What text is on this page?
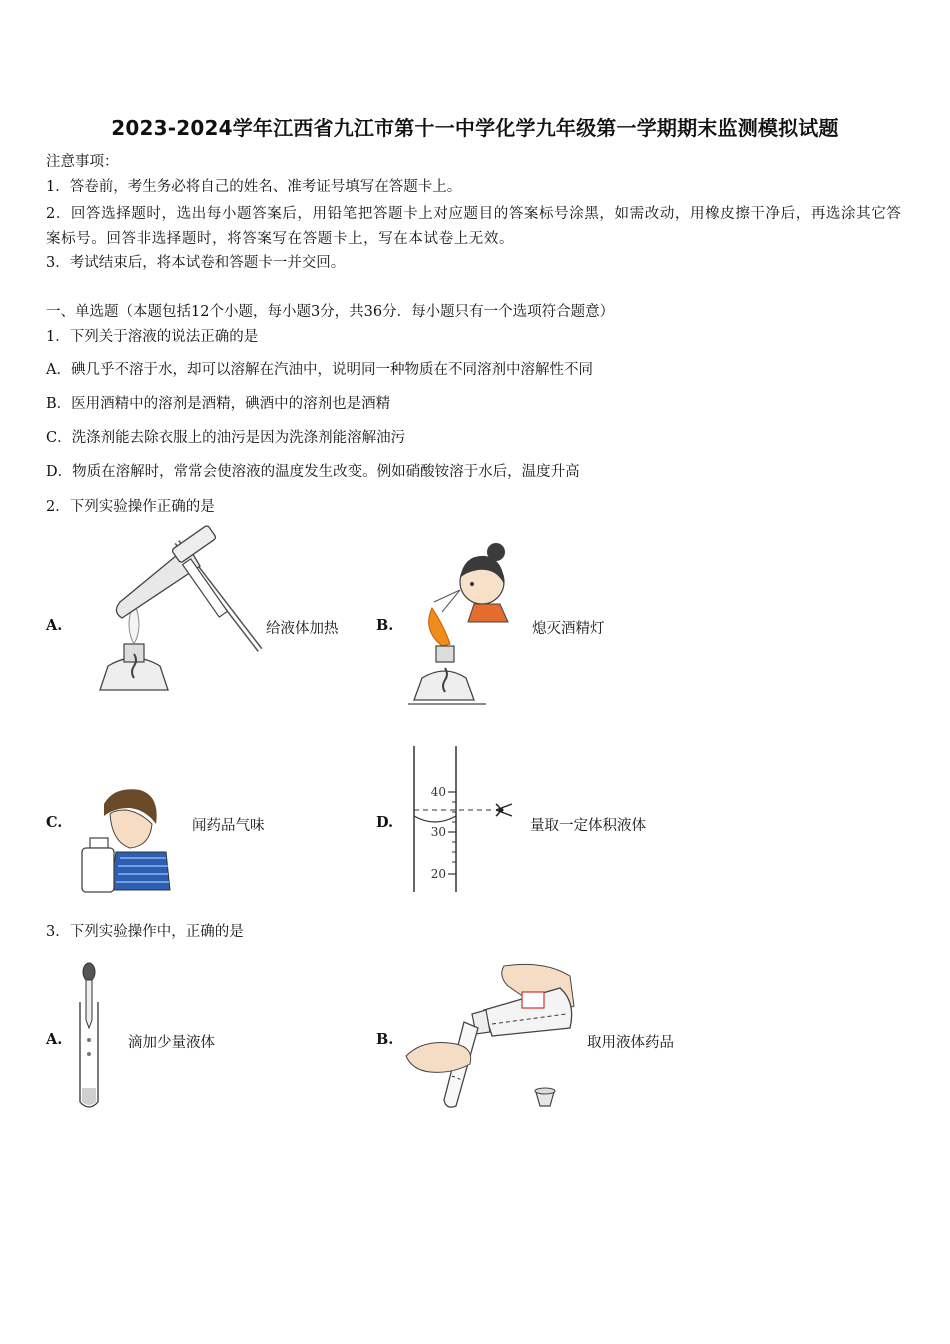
2023-2024学年江西省九江市第十一中学化学九年级第一学期期末监测模拟试题
注意事项：
1．答卷前，考生务必将自己的姓名、准考证号填写在答题卡上。
2．回答选择题时，选出每小题答案后，用铅笔把答题卡上对应题目的答案标号涂黑，如需改动，用橡皮擦干净后，再选涂其它答案标号。回答非选择题时，将答案写在答题卡上，写在本试卷上无效。
3．考试结束后，将本试卷和答题卡一并交回。
一、单选题（本题包括12个小题，每小题3分，共36分．每小题只有一个选项符合题意）
1．下列关于溶液的说法正确的是
A．碘几乎不溶于水，却可以溶解在汽油中，说明同一种物质在不同溶剂中溶解性不同
B．医用酒精中的溶剂是酒精，碘酒中的溶剂也是酒精
C．洗涤剂能去除衣服上的油污是因为洗涤剂能溶解油污
D．物质在溶解时，常常会使溶液的温度发生改变。例如硝酸铵溶于水后，温度升高
2．下列实验操作正确的是
A.	给液体加热	B.	熄灭酒精灯
C.	闻药品气味	D.
40
30
20
量取一定体积液体
3．下列实验操作中，正确的是
A.	滴加少量液体	B.	取用液体药品
